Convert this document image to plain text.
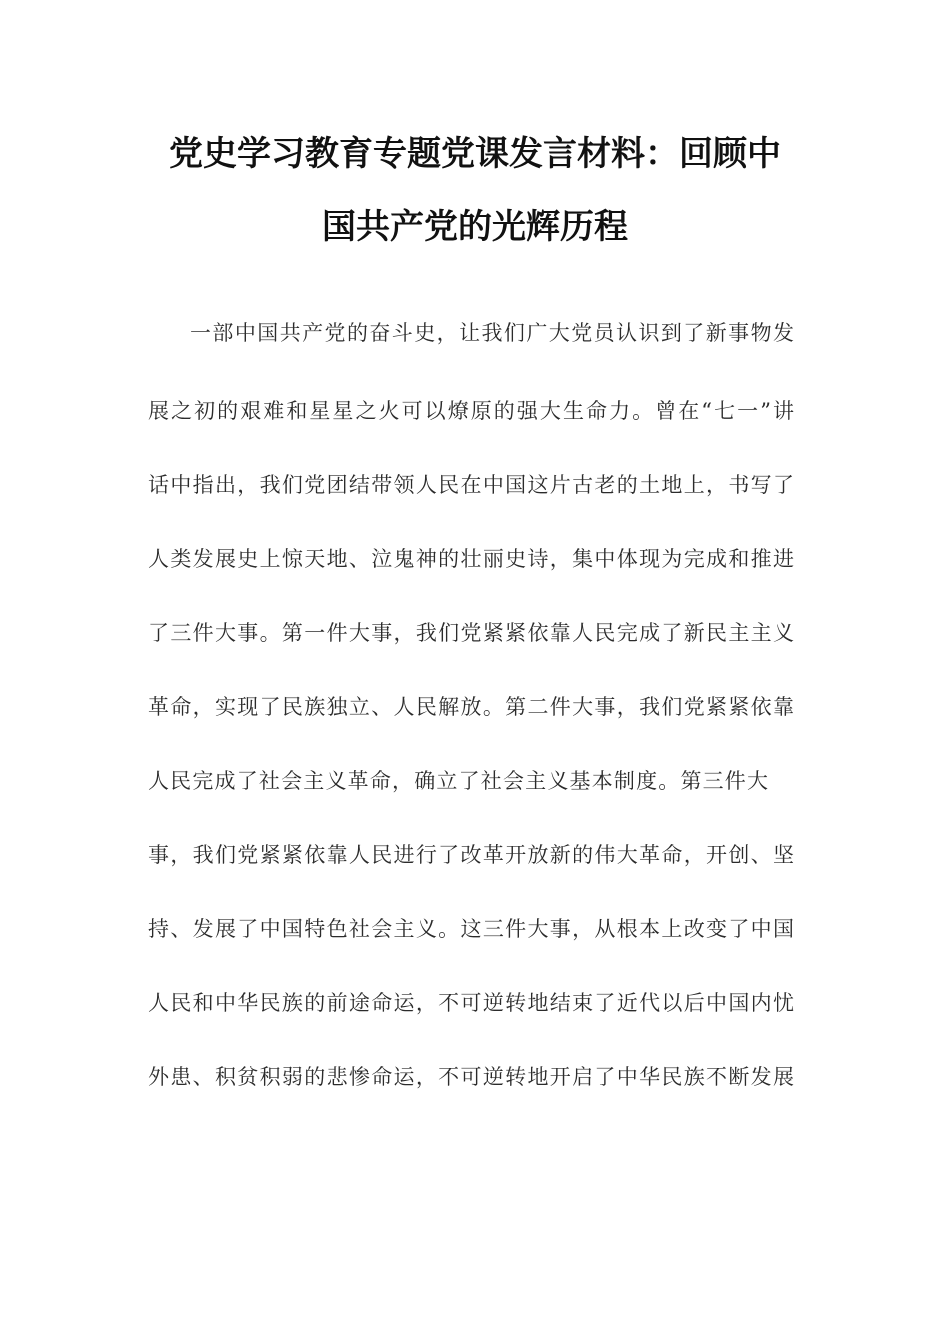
党史学习教育专题党课发言材料：回顾中
国共产党的光辉历程
一部中国共产党的奋斗史，让我们广大党员认识到了新事物发
展之初的艰难和星星之火可以燎原的强大生命力。曾在“七一”讲
话中指出，我们党团结带领人民在中国这片古老的土地上，书写了
人类发展史上惊天地、泣鬼神的壮丽史诗，集中体现为完成和推进
了三件大事。第一件大事，我们党紧紧依靠人民完成了新民主主义
革命，实现了民族独立、人民解放。第二件大事，我们党紧紧依靠
人民完成了社会主义革命，确立了社会主义基本制度。第三件大
事，我们党紧紧依靠人民进行了改革开放新的伟大革命，开创、坚
持、发展了中国特色社会主义。这三件大事，从根本上改变了中国
人民和中华民族的前途命运，不可逆转地结束了近代以后中国内忧
外患、积贫积弱的悲惨命运，不可逆转地开启了中华民族不断发展
